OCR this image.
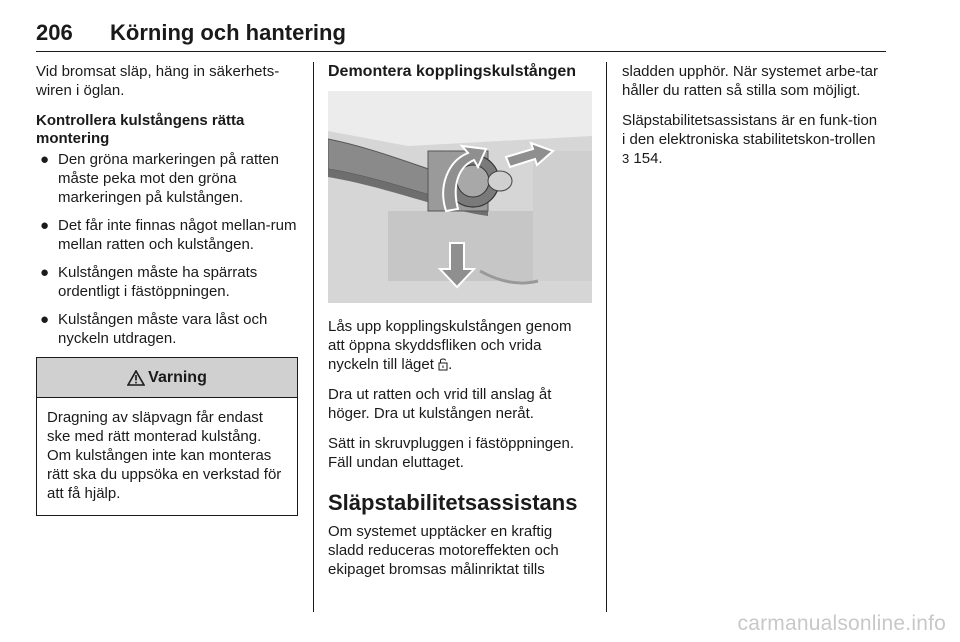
206 Körning och hantering

Vid bromsat släp, häng in säkerhets-wiren i öglan.

Kontrollera kulstångens rätta montering
● Den gröna markeringen på ratten måste peka mot den gröna markeringen på kulstången.
● Det får inte finnas något mellan-rum mellan ratten och kulstången.
● Kulstången måste ha spärrats ordentligt i fästöppningen.
● Kulstången måste vara låst och nyckeln utdragen.
Varning
Dragning av släpvagn får endast ske med rätt monterad kulstång. Om kulstången inte kan monteras rätt ska du uppsöka en verkstad för att få hjälp.
Demontera kopplingskulstången

Lås upp kopplingskulstången genom att öppna skyddsfliken och vrida nyckeln till läget .

Dra ut ratten och vrid till anslag åt höger. Dra ut kulstången neråt.

Sätt in skruvpluggen i fästöppningen. Fäll undan eluttaget.

Släpstabilitetsassistans

Om systemet upptäcker en kraftig sladd reduceras motoreffekten och ekipaget bromsas målinriktat tills

sladden upphör. När systemet arbe-tar håller du ratten så stilla som möjligt.

Släpstabilitetsassistans är en funk-tion i den elektroniska stabilitetskon-trollen 3 154.

carmanualsonline.info
